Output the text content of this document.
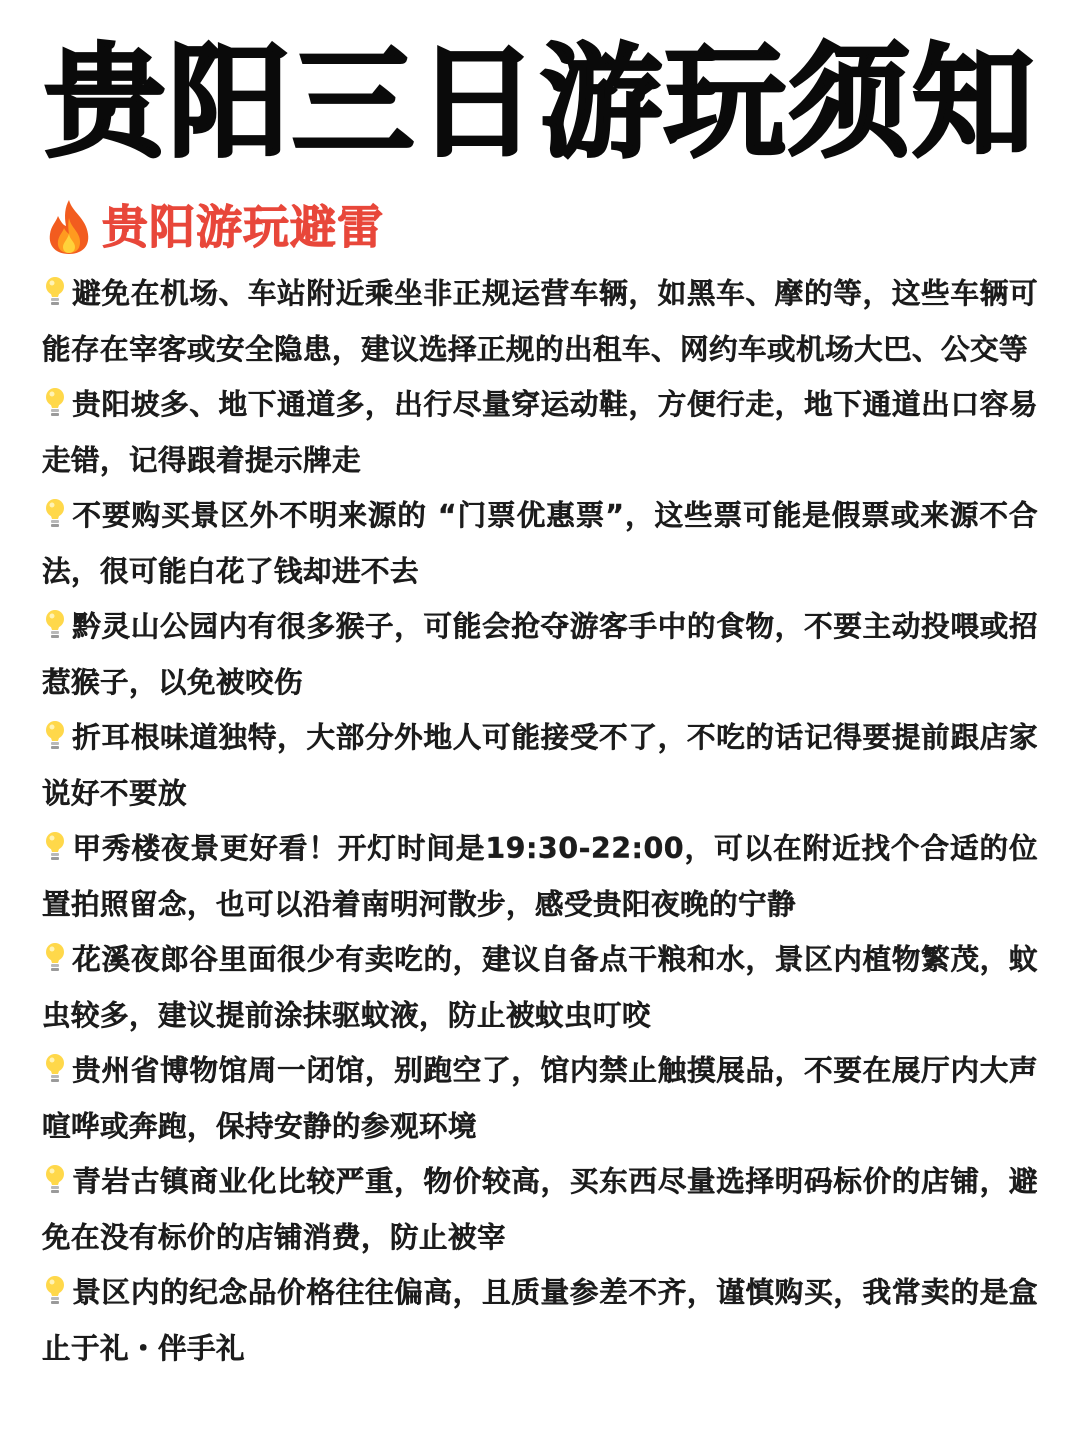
贵阳三日游玩须知
贵阳游玩避雷
避免在机场、车站附近乘坐非正规运营车辆，如黑车、摩的等，这些车辆可能存在宰客或安全隐患，建议选择正规的出租车、网约车或机场大巴、公交等
贵阳坡多、地下通道多，出行尽量穿运动鞋，方便行走，地下通道出口容易走错，记得跟着提示牌走
不要购买景区外不明来源的 “门票优惠票”，这些票可能是假票或来源不合法，很可能白花了钱却进不去
黔灵山公园内有很多猴子，可能会抢夺游客手中的食物，不要主动投喂或招惹猴子，以免被咬伤
折耳根味道独特，大部分外地人可能接受不了，不吃的话记得要提前跟店家说好不要放
甲秀楼夜景更好看！开灯时间是19:30-22:00，可以在附近找个合适的位置拍照留念，也可以沿着南明河散步，感受贵阳夜晚的宁静
花溪夜郎谷里面很少有卖吃的，建议自备点干粮和水，景区内植物繁茂，蚊虫较多，建议提前涂抹驱蚊液，防止被蚊虫叮咬
贵州省博物馆周一闭馆，别跑空了，馆内禁止触摸展品，不要在展厅内大声喧哗或奔跑，保持安静的参观环境
青岩古镇商业化比较严重，物价较高，买东西尽量选择明码标价的店铺，避免在没有标价的店铺消费，防止被宰
景区内的纪念品价格往往偏高，且质量参差不齐，谨慎购买，我常卖的是盒止于礼・伴手礼
